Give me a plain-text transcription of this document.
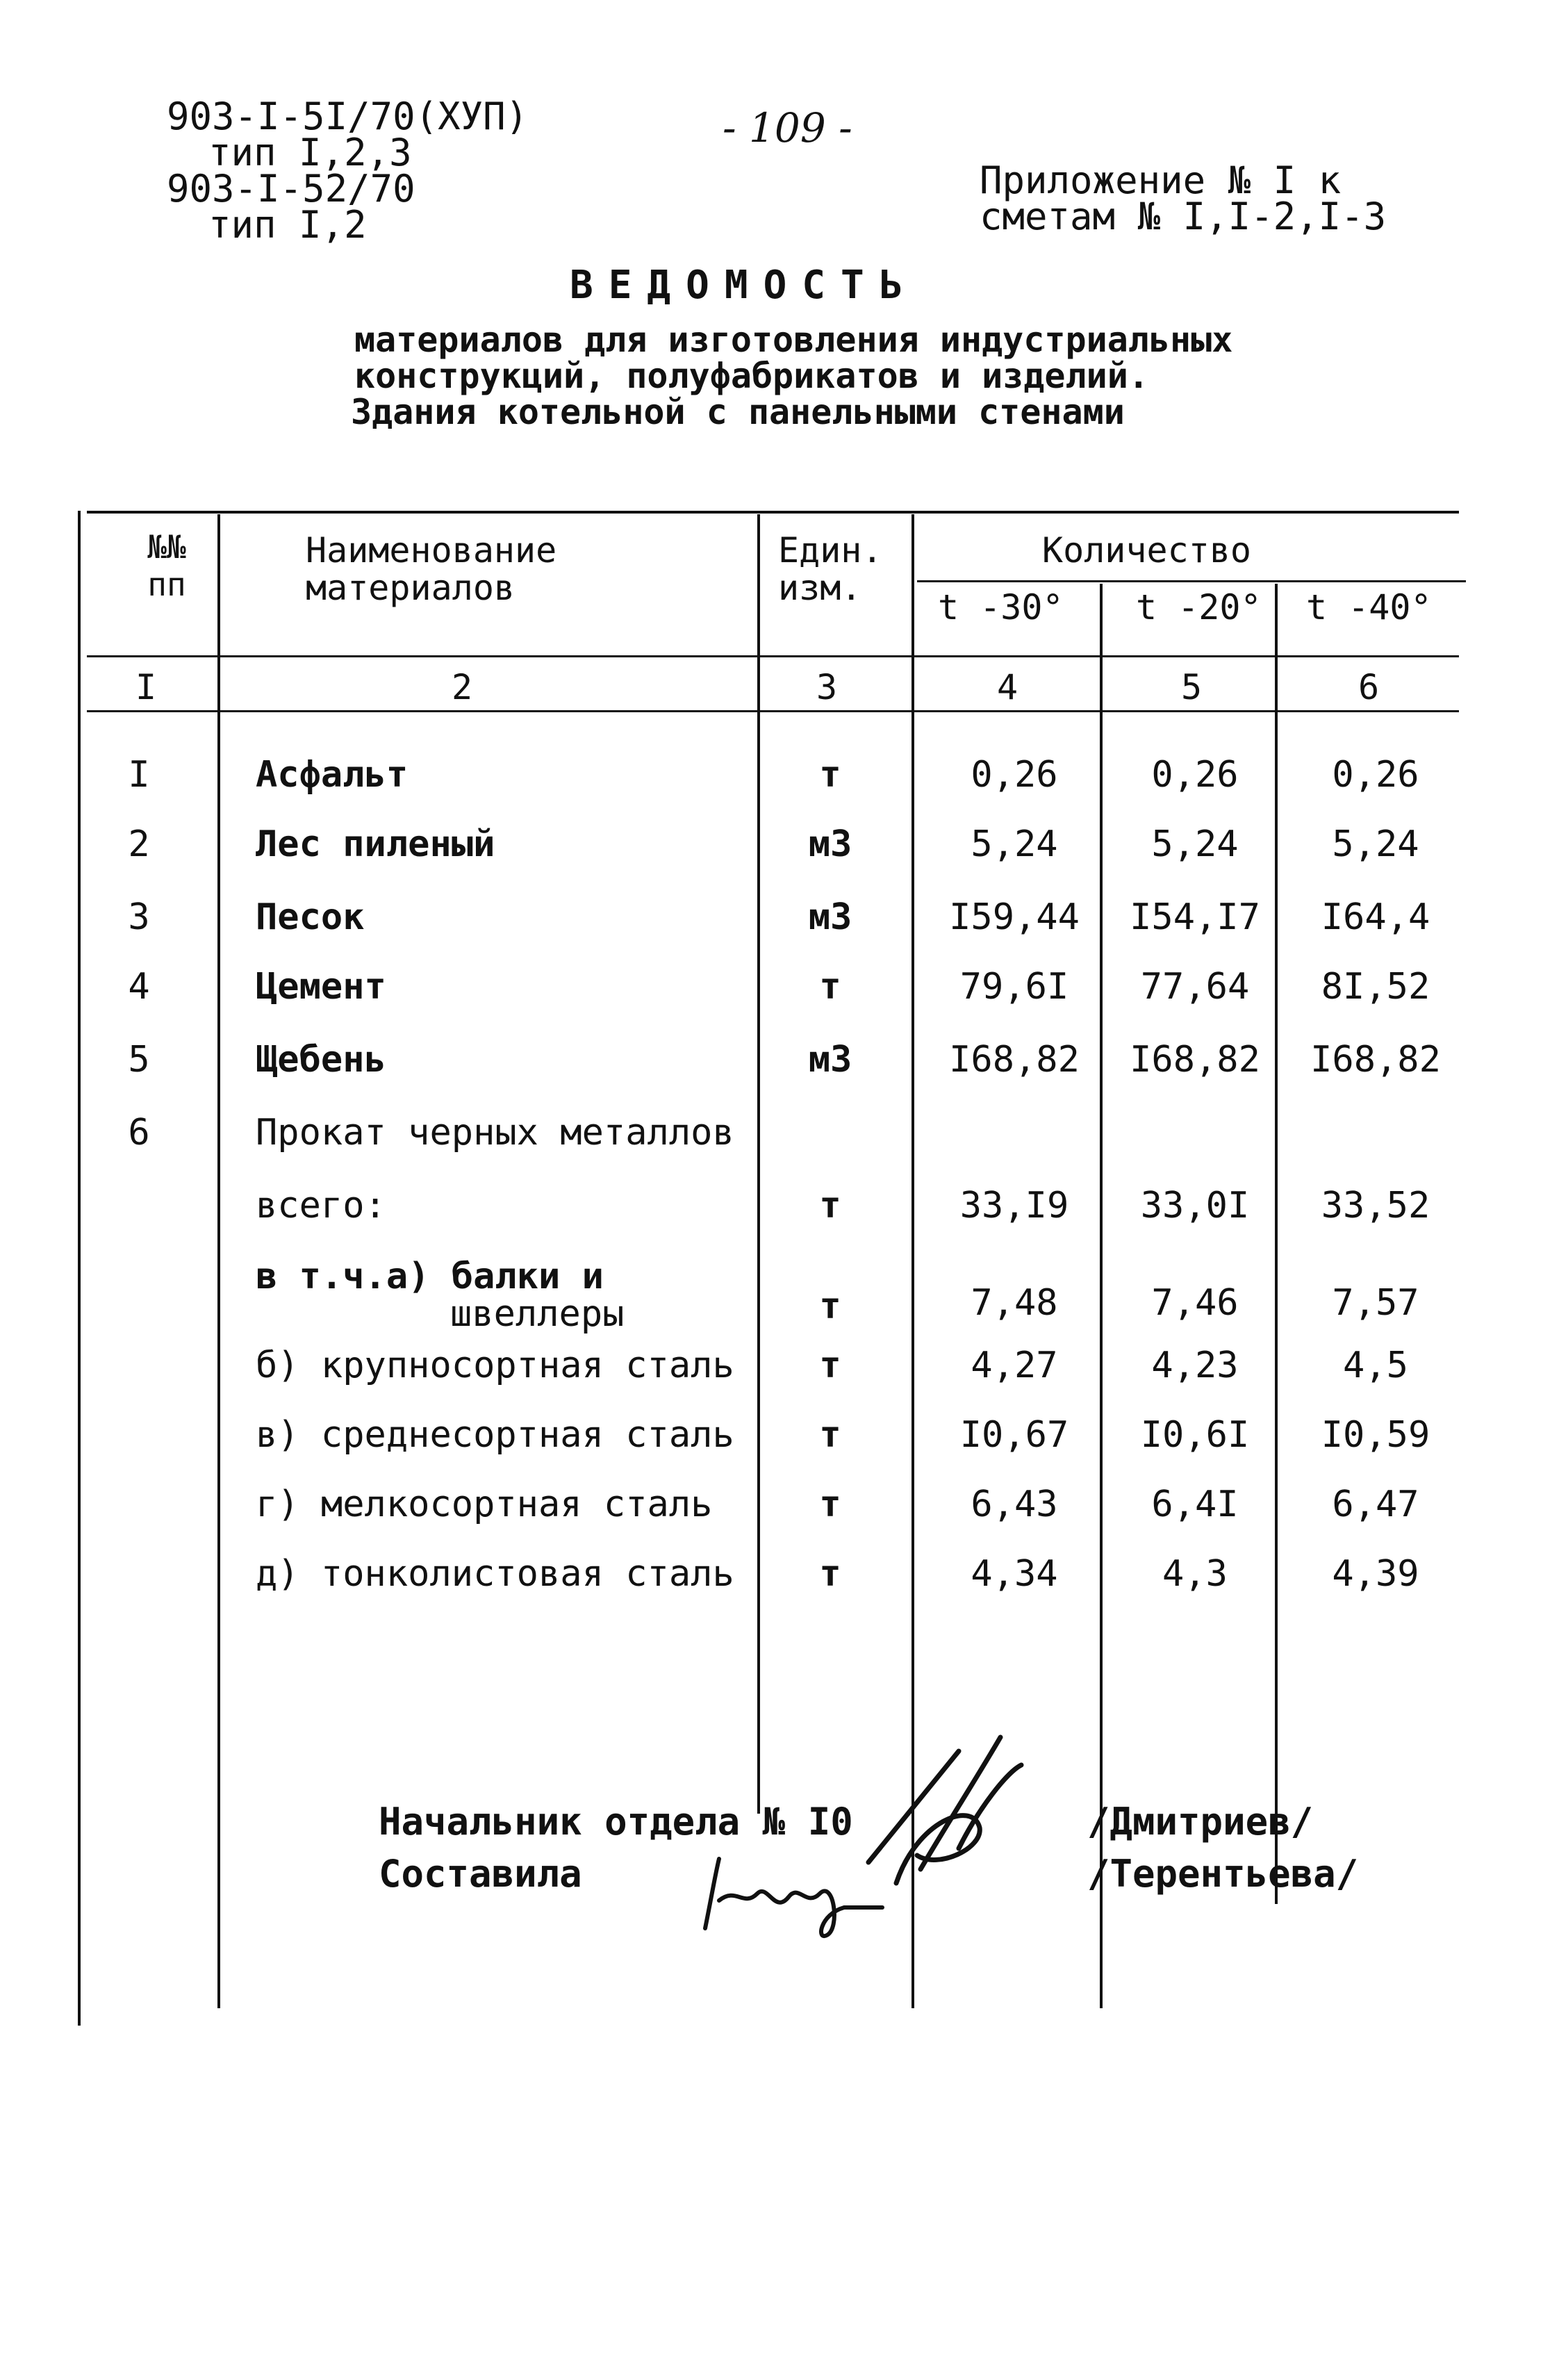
903-I-5I/70(ХУП)
тип I,2,3
903-I-52/70
тип I,2
- 109 -
Приложение № I к
сметам № I,I-2,I-3
ВЕДОМОСТЬ
материалов для изготовления индустриальных
конструкций, полуфабрикатов и изделий.
Здания котельной с панельными стенами
№№ пп
Наименование материалов
Един. изм.
Количество
t -30° t -20° t -40°
I	2	3	4	5	6
I	Асфальт	т	0,26	0,26	0,26
2	Лес пиленый	м3	5,24	5,24	5,24
3	Песок	м3	I59,44	I54,I7	I64,4
4	Цемент	т	79,6I	77,64	8I,52
5	Щебень	м3	I68,82	I68,82	I68,82
6	Прокат черных металлов
всего:	т	33,I9	33,0I	33,52
в т.ч.а) балки и
швеллеры	т	7,48	7,46	7,57
б) крупносортная сталь	т	4,27	4,23	4,5
в) среднесортная сталь	т	I0,67	I0,6I	I0,59
г) мелкосортная сталь	т	6,43	6,4I	6,47
д) тонколистовая сталь	т	4,34	4,3	4,39
Начальник отдела № I0	/Дмитриев/
Составила	/Терентьева/
